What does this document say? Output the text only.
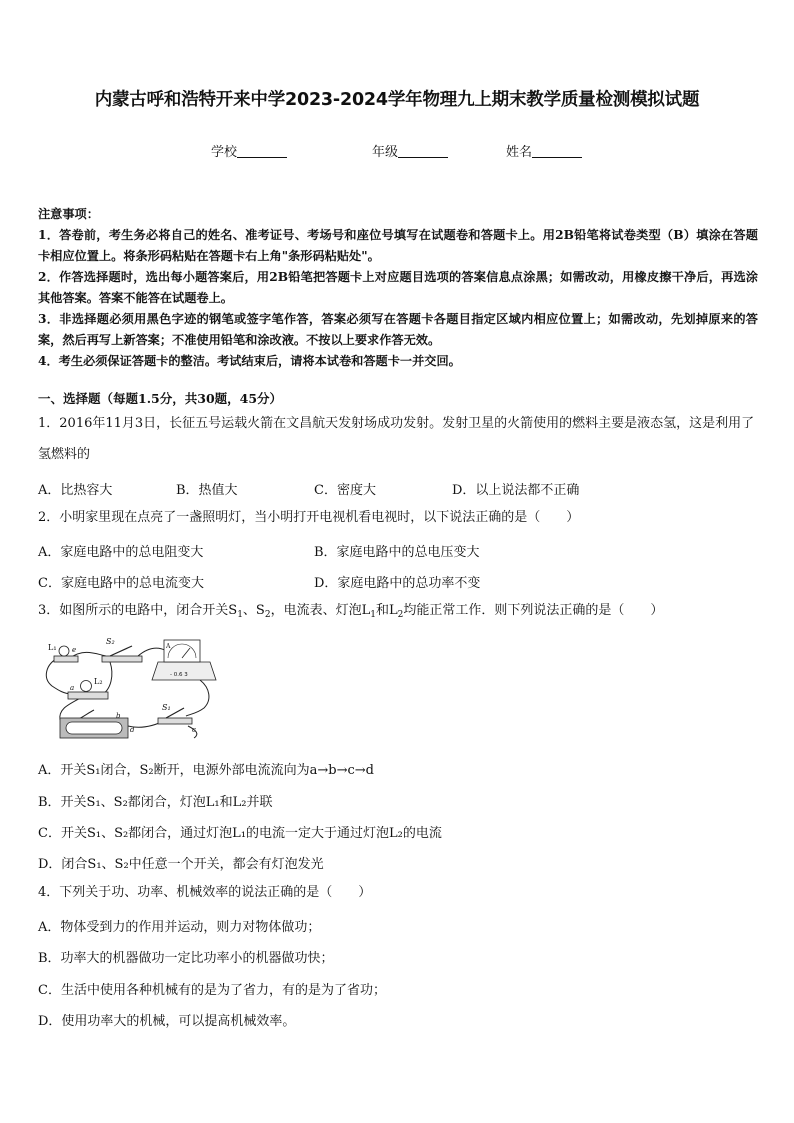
内蒙古呼和浩特开来中学2023-2024学年物理九上期末教学质量检测模拟试题
学校	年级	姓名
注意事项：

1．答卷前，考生务必将自己的姓名、准考证号、考场号和座位号填写在试题卷和答题卡上。用2B铅笔将试卷类型（B）填涂在答题卡相应位置上。将条形码粘贴在答题卡右上角"条形码粘贴处"。

2．作答选择题时，选出每小题答案后，用2B铅笔把答题卡上对应题目选项的答案信息点涂黑；如需改动，用橡皮擦干净后，再选涂其他答案。答案不能答在试题卷上。

3．非选择题必须用黑色字迹的钢笔或签字笔作答，答案必须写在答题卡各题目指定区域内相应位置上；如需改动，先划掉原来的答案，然后再写上新答案；不准使用铅笔和涂改液。不按以上要求作答无效。

4．考生必须保证答题卡的整洁。考试结束后，请将本试卷和答题卡一并交回。

一、选择题（每题1.5分，共30题，45分）
1．2016年11月3日，长征五号运载火箭在文昌航天发射场成功发射。发射卫星的火箭使用的燃料主要是液态氢，这是利用了氢燃料的
A．比热容大	B．热值大	C．密度大	D．以上说法都不正确
2．小明家里现在点亮了一盏照明灯，当小明打开电视机看电视时，以下说法正确的是（　　）
A．家庭电路中的总电阻变大	B．家庭电路中的总电压变大
C．家庭电路中的总电流变大	D．家庭电路中的总功率不变
3．如图所示的电路中，闭合开关$S_1$、$S_2$，电流表、灯泡$L_1$和$L_2$均能正常工作．则下列说法正确的是（　　）
L₁ e
S₂
A
- 0.6 3
L₂
a
b
d
S₁
c
A．开关S₁闭合，S₂断开，电源外部电流流向为a→b→c→d
B．开关S₁、S₂都闭合，灯泡L₁和L₂并联
C．开关S₁、S₂都闭合，通过灯泡L₁的电流一定大于通过灯泡L₂的电流
D．闭合S₁、S₂中任意一个开关，都会有灯泡发光
4．下列关于功、功率、机械效率的说法正确的是（　　）
A．物体受到力的作用并运动，则力对物体做功；
B．功率大的机器做功一定比功率小的机器做功快；
C．生活中使用各种机械有的是为了省力，有的是为了省功；
D．使用功率大的机械，可以提高机械效率。
